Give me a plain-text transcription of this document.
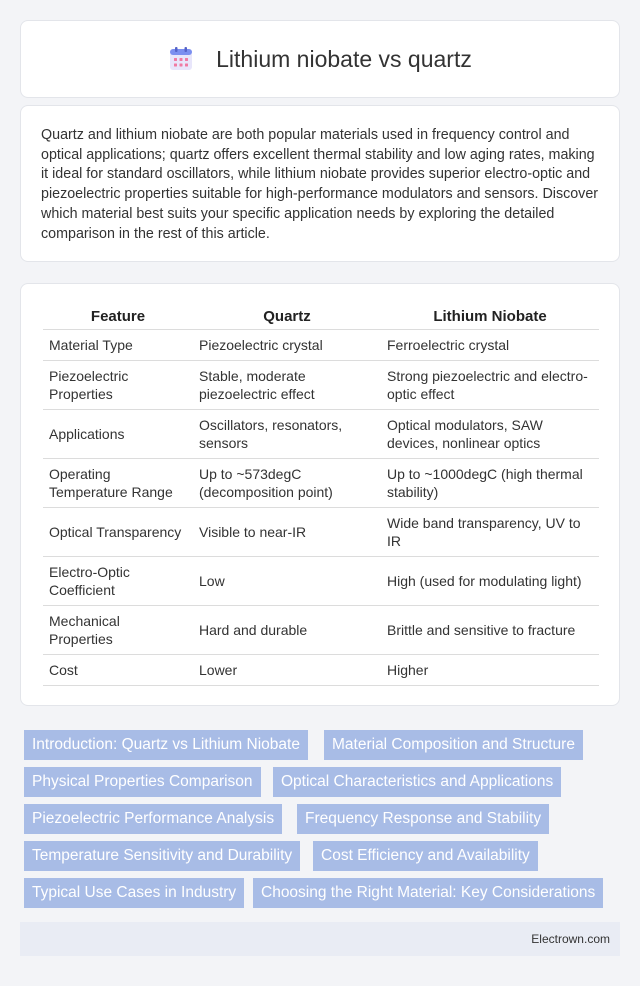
Lithium niobate vs quartz

Quartz and lithium niobate are both popular materials used in frequency control and optical applications; quartz offers excellent thermal stability and low aging rates, making it ideal for standard oscillators, while lithium niobate provides superior electro-optic and piezoelectric properties suitable for high-performance modulators and sensors. Discover which material best suits your specific application needs by exploring the detailed comparison in the rest of this article.

Feature	Quartz	Lithium Niobate
Material Type	Piezoelectric crystal	Ferroelectric crystal
Piezoelectric Properties	Stable, moderate piezoelectric effect	Strong piezoelectric and electro-optic effect
Applications	Oscillators, resonators, sensors	Optical modulators, SAW devices, nonlinear optics
Operating Temperature Range	Up to ~573degC (decomposition point)	Up to ~1000degC (high thermal stability)
Optical Transparency	Visible to near-IR	Wide band transparency, UV to IR
Electro-Optic Coefficient	Low	High (used for modulating light)
Mechanical Properties	Hard and durable	Brittle and sensitive to fracture
Cost	Lower	Higher
Introduction: Quartz vs Lithium Niobate	Material Composition and Structure
Physical Properties Comparison	Optical Characteristics and Applications
Piezoelectric Performance Analysis	Frequency Response and Stability
Temperature Sensitivity and Durability	Cost Efficiency and Availability
Typical Use Cases in Industry	Choosing the Right Material: Key Considerations
Electrown.com
